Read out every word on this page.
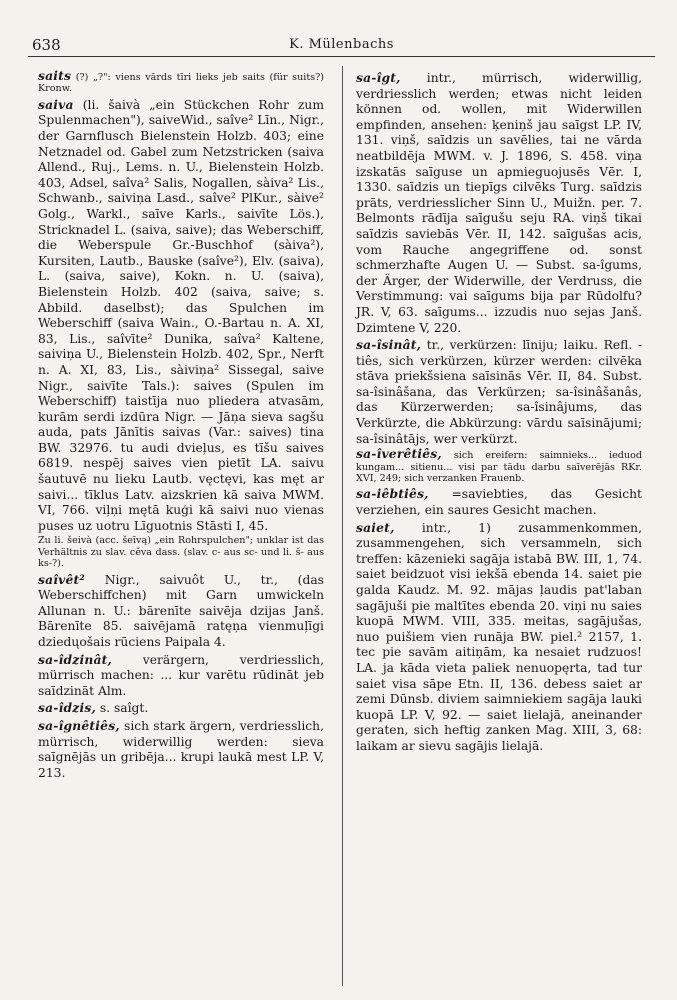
638	K. Mülenbachs

saits (?) „?": viens vārds tīri lieks jeb saits (für suits?) Kronw.

saiva (li. šaivà „ein Stückchen Rohr zum Spulenmachen"), saiveWid., saîve² Līn., Nigr., der Garnflusch Bielenstein Holzb. 403; eine Netznadel od. Gabel zum Netzstricken (saiva Allend., Ruj., Lems. n. U., Bielenstein Holzb. 403, Adsel, saîva² Salis, Nogallen, sàiva² Lis., Schwanb., saiviņa Lasd., saîve² PlKur., sàive² Golg., Warkl., saīve Karls., saivīte Lös.), Stricknadel L. (saiva, saive); das Weberschiff, die Weberspule Gr.-Buschhof (sàiva²), Kursiten, Lautb., Bauske (saîve²), Elv. (saiva), L. (saiva, saive), Kokn. n. U. (saiva), Bielenstein Holzb. 402 (saiva, saive; s. Abbild. daselbst); das Spulchen im Weberschiff (saiva Wain., O.-Bartau n. A. XI, 83, Lis., saîvīte² Dunika, saîva² Kaltene, saiviņa U., Bielenstein Holzb. 402, Spr., Nerft n. A. XI, 83, Lis., sàiviņa² Sissegal, saive Nigr., saivīte Tals.): saives (Spulen im Weberschiff) taistīja nuo pliedera atvasām, kurām serdi izdūra Nigr. — Jāņa sieva sagšu auda, pats Jānītis saivas (Var.: saives) tina BW. 32976. tu audi dvieļus, es tīšu saives 6819. nespēj saives vien pietīt LA. saivu šautuvē nu lieku Lautb. vęctęvi, kas męt ar saivi... tīklus Latv. aizskrien kā saiva MWM. VI, 766. viļņi mętā kuģi kā saivi nuo vienas puses uz uotru Līguotnis Stāsti I, 45.

Zu li. šeivà (acc. šeīvą) „ein Rohrspulchen"; unklar ist das Verhältnis zu slav. cěva dass. (slav. c- aus sc- und li. š- aus ks-?).

saîvêt² Nigr., saivuôt U., tr., (das Weberschiffchen) mit Garn umwickeln Allunan n. U.: bārenīte saivēja dzijas Janš. Bārenīte 85. saivējamā ratęņa vienmuļīgi dziedųošais rūciens Paipala 4.

sa-îdzinât, verärgern, verdriesslich, mürrisch machen: ... kur varētu rūdināt jeb saīdzināt Alm.

sa-îdzis, s. saîgt.

sa-îgnêtiês, sich stark ärgern, verdriesslich, mürrisch, widerwillig werden: sieva saīgnējās un gribēja... krupi laukā mest LP. V, 213.

sa-îgt, intr., mürrisch, widerwillig, verdriesslich werden; etwas nicht leiden können od. wollen, mit Widerwillen empfinden, ansehen: ķeniņš jau saīgst LP. IV, 131. viņš, saīdzis un savēlies, tai ne vārda neatbildēja MWM. v. J. 1896, S. 458. viņa izskatās saīguse un apmieguojusēs Vēr. I, 1330. saīdzis un tiepīgs cilvēks Turg. saīdzis prāts, verdriesslicher Sinn U., Muižn. per. 7. Belmonts rādīja saīgušu seju RA. viņš tikai saīdzis saviebās Vēr. II, 142. saīgušas acis, vom Rauche angegriffene od. sonst schmerzhafte Augen U. — Subst. sa-îgums, der Ärger, der Widerwille, der Verdruss, die Verstimmung: vai saīgums bija par Rūdolfu? JR. V, 63. saīgums... izzudis nuo sejas Janš. Dzimtene V, 220.

sa-îsinât, tr., verkürzen: līniju; laiku. Refl. -tiês, sich verkürzen, kürzer werden: cilvēka stāva priekšsiena saīsinās Vēr. II, 84. Subst. sa-îsinâšana, das Verkürzen; sa-îsinâšanâs, das Kürzerwerden; sa-îsinâjums, das Verkürzte, die Abkürzung: vārdu saīsinājumi; sa-îsinâtājs, wer verkürzt.

sa-îverêtiês, sich ereifern: saimnieks... ieduod kungam... sitienu... visi par tādu darbu saīverējās RKr. XVI, 249; sich verzanken Frauenb.

sa-iêbtiês, =saviebties, das Gesicht verziehen, ein saures Gesicht machen.

saiet, intr., 1) zusammenkommen, zusammengehen, sich versammeln, sich treffen: kāzenieki sagāja istabā BW. III, 1, 74. saiet beidzuot visi iekšā ebenda 14. saiet pie galda Kaudz. M. 92. mājas ļaudis pat'laban sagājuši pie maltītes ebenda 20. viņi nu saies kuopā MWM. VIII, 335. meitas, sagājušas, nuo puišiem vien runāja BW. piel.² 2157, 1. tec pie savām aitiņām, ka nesaiet rudzuos! LA. ja kāda vieta paliek nenuopęrta, tad tur saiet visa sāpe Etn. II, 136. debess saiet ar zemi Dūnsb. diviem saimniekiem sagāja lauki kuopā LP. V, 92. — saiet lielajā, aneinander geraten, sich heftig zanken Mag. XIII, 3, 68: laikam ar sievu sagājis lielajā.
